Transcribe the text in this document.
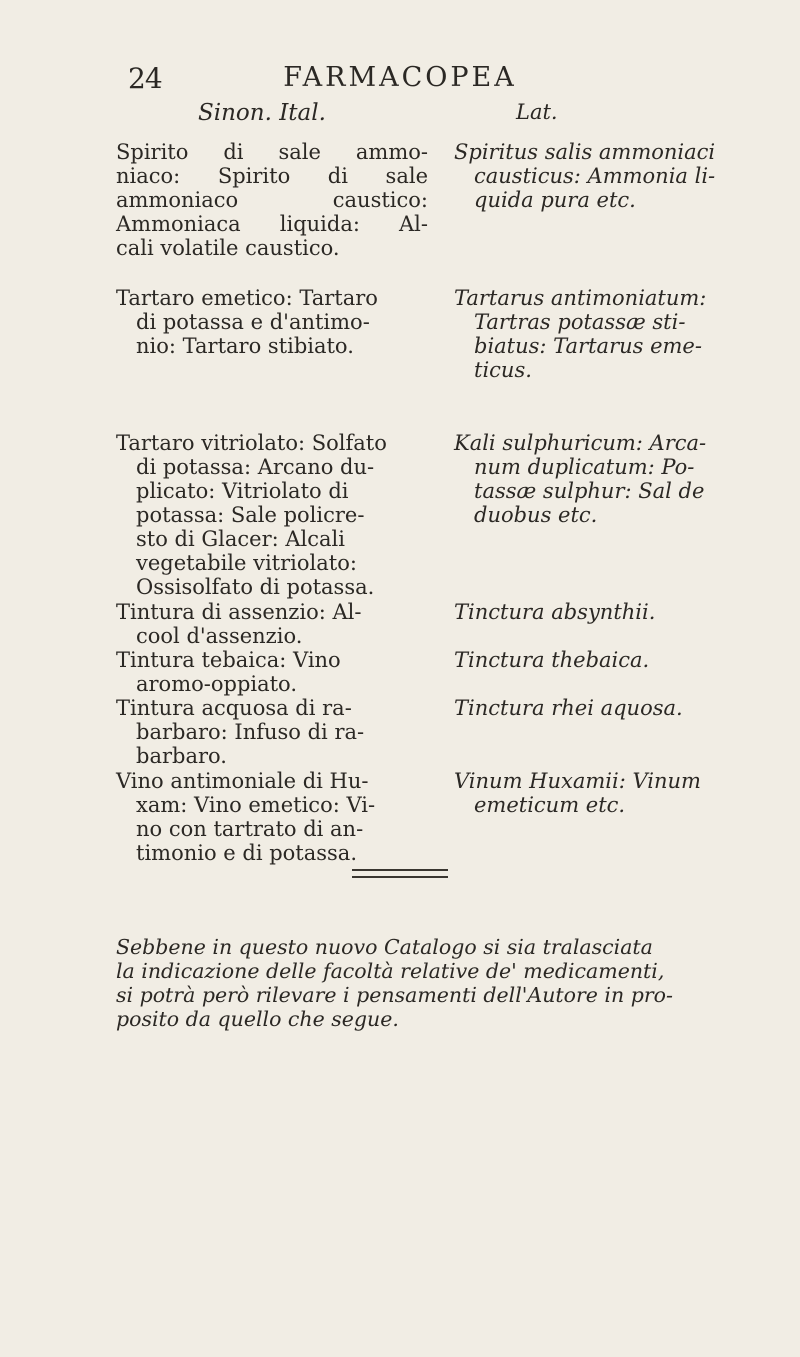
24	FARMACOPEA
Sinon. Ital.	Lat.
Spirito di sale ammo-
niaco: Spirito di sale
ammoniaco caustico:
Ammoniaca liquida: Al-
cali volatile caustico.
Spiritus salis ammoniaci
causticus: Ammonia li-
quida pura etc.
Tartaro emetico: Tartaro
di potassa e d'antimo-
nio: Tartaro stibiato.
Tartarus antimoniatum:
Tartras potassæ sti-
biatus: Tartarus eme-
ticus.
Tartaro vitriolato: Solfato
di potassa: Arcano du-
plicato: Vitriolato di
potassa: Sale policre-
sto di Glacer: Alcali
vegetabile vitriolato:
Ossisolfato di potassa.
Kali sulphuricum: Arca-
num duplicatum: Po-
tassæ sulphur: Sal de
duobus etc.
Tintura di assenzio: Al-
cool d'assenzio.
Tinctura absynthii.
Tintura tebaica: Vino
aromo-oppiato.
Tinctura thebaica.
Tintura acquosa di ra-
barbaro: Infuso di ra-
barbaro.
Tinctura rhei aquosa.
Vino antimoniale di Hu-
xam: Vino emetico: Vi-
no con tartrato di an-
timonio e di potassa.
Vinum Huxamii: Vinum
emeticum etc.
Sebbene in questo nuovo Catalogo si sia tralasciata
la indicazione delle facoltà relative de' medicamenti,
si potrà però rilevare i pensamenti dell'Autore in pro-
posito da quello che segue.
